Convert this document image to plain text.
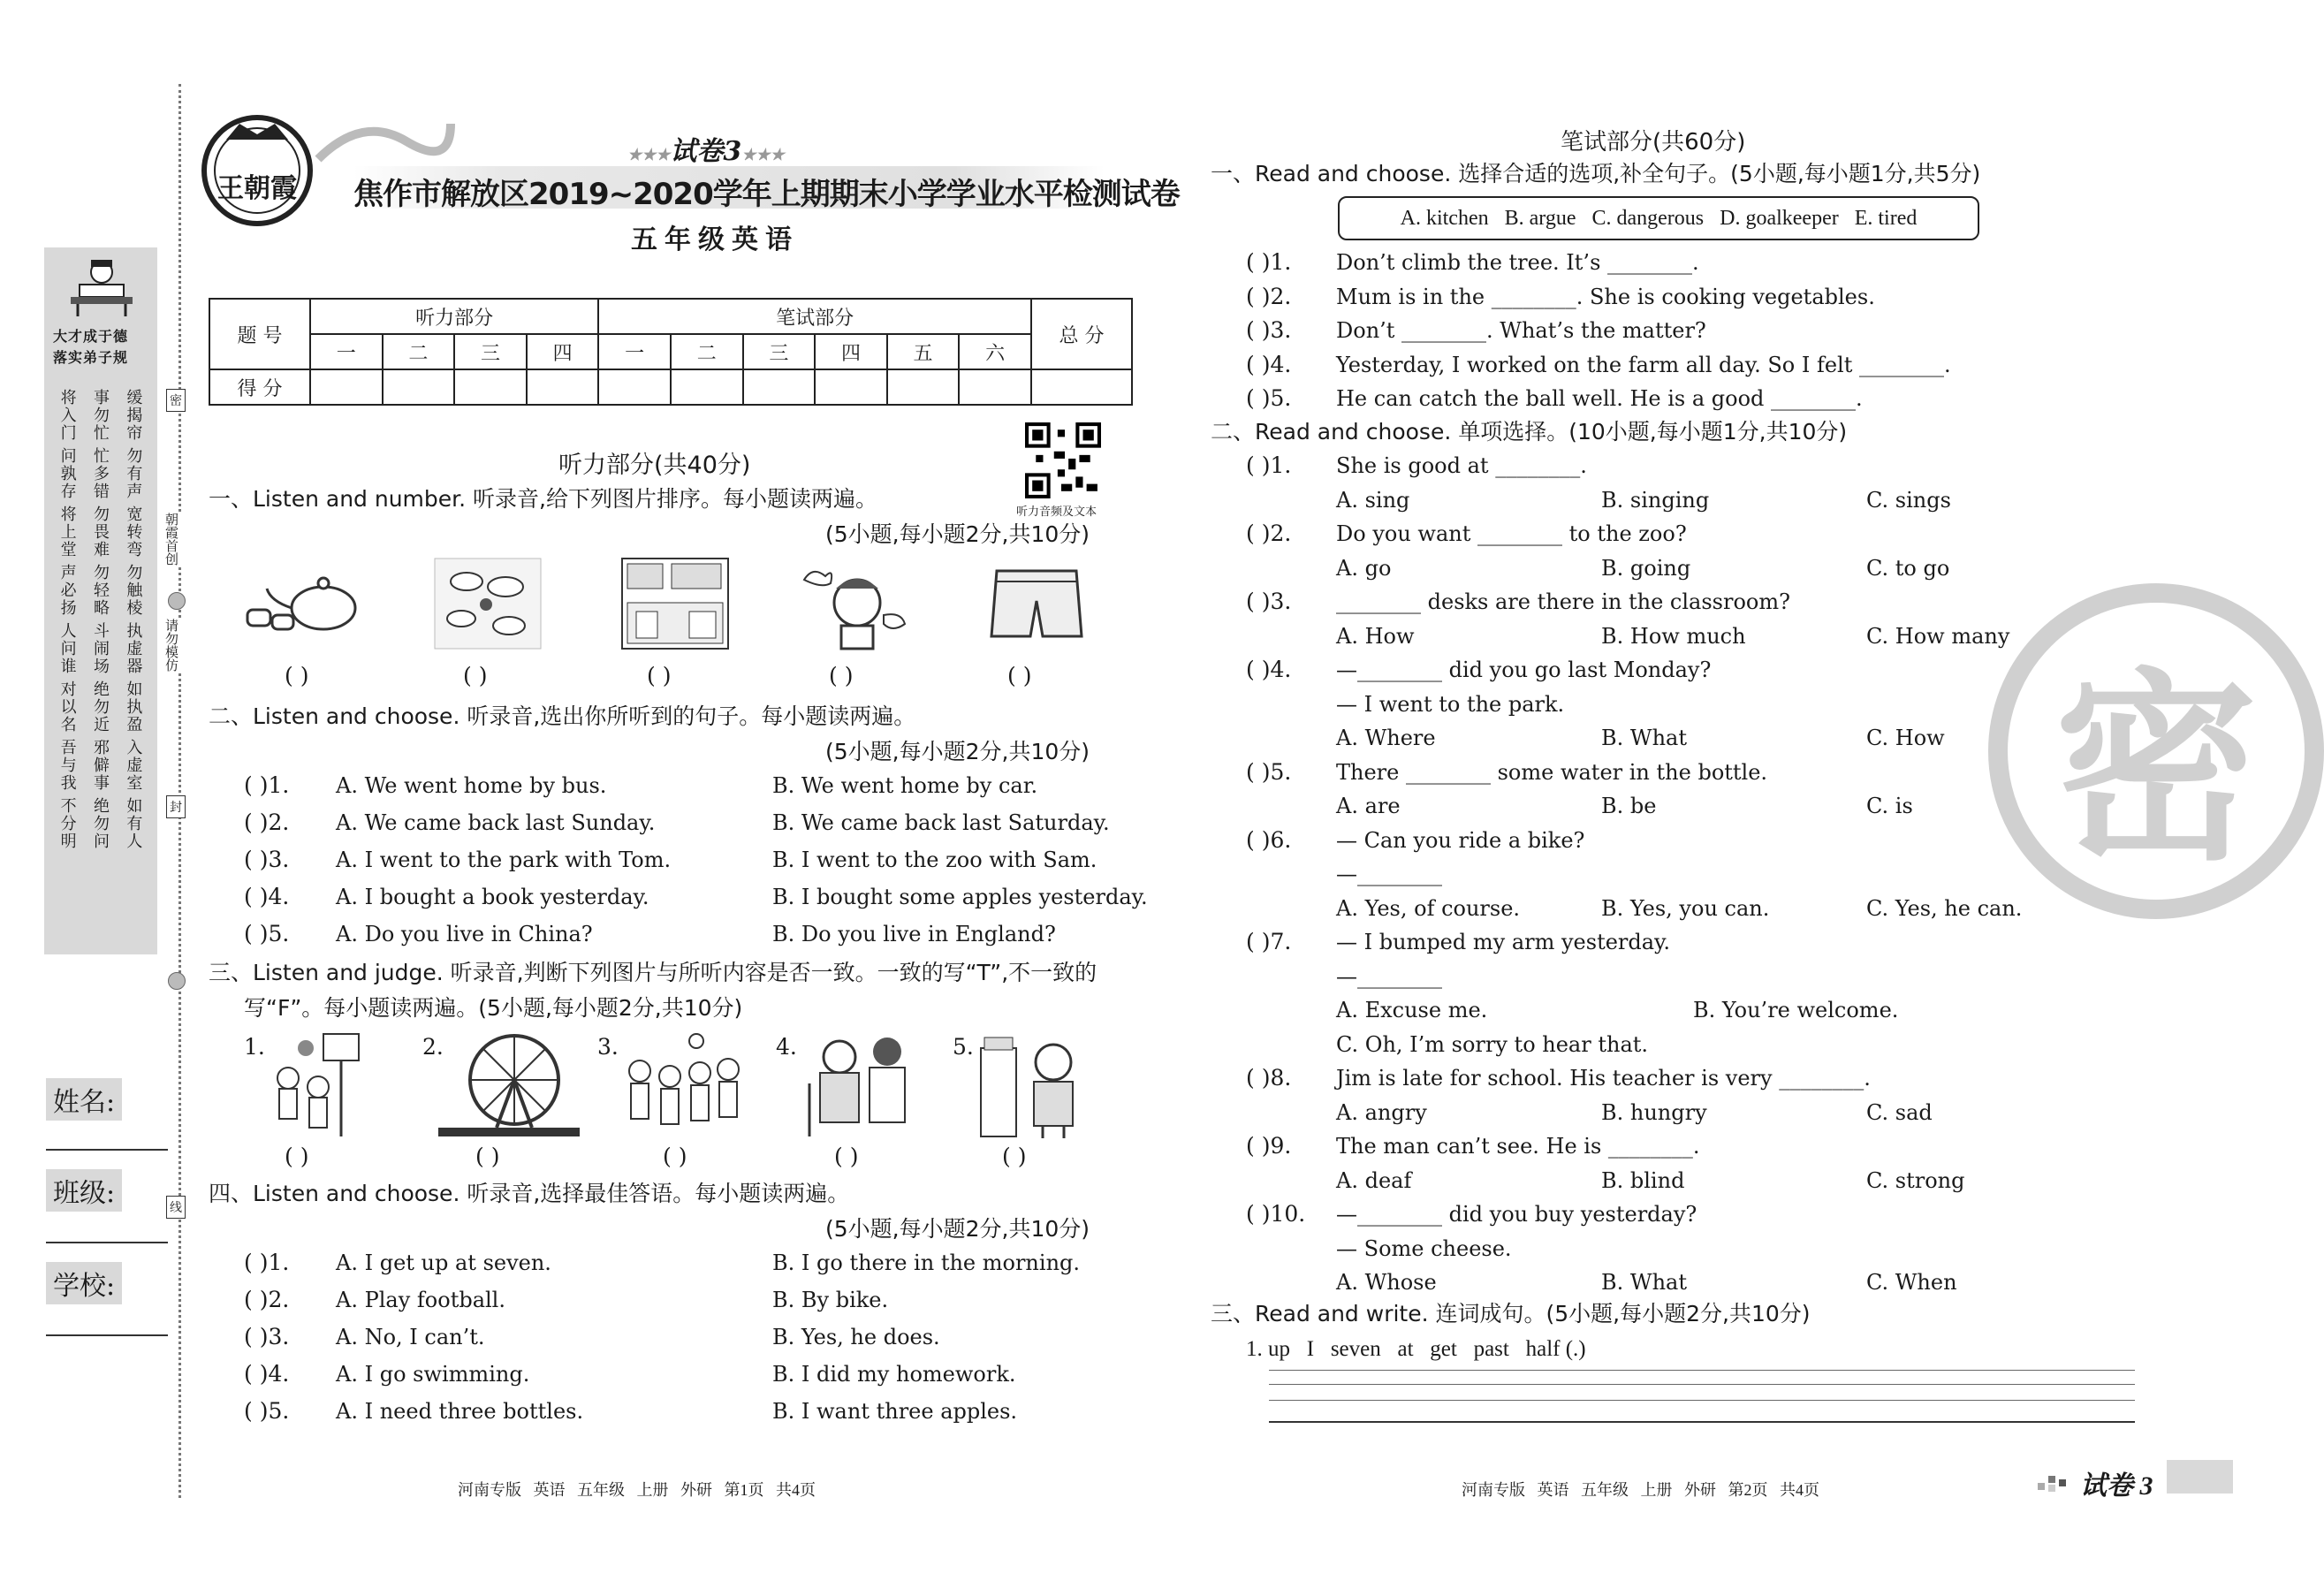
大才成于德
落实弟子规
将入门 事勿忙 缓揭帘
问孰存 忙多错 勿有声
将上堂 勿畏难 宽转弯
声必扬 勿轻略 勿触棱
人问谁 斗闹场 执虚器
对以名 绝勿近 如执盈
吾与我 邪僻事 入虚室
不分明 绝勿问 如有人
密
朝霞首创
请勿模仿
封
线
姓名:
班级:
学校:
王朝霞
★★★试卷3★★★
焦作市解放区2019~2020学年上期期末小学学业水平检测试卷
五年级英语
题 号	听力部分				笔试部分						总 分
	一	二	三	四	一	二	三	四	五	六	
得 分											
听力音频及文本
听力部分(共40分)
一、Listen and number. 听录音,给下列图片排序。每小题读两遍。
(5小题,每小题2分,共10分)
( )	( )	( )	( )	( )
二、Listen and choose. 听录音,选出你所听到的句子。每小题读两遍。
(5小题,每小题2分,共10分)
( )1. A. We went home by bus.	B. We went home by car.
( )2. A. We came back last Sunday.	B. We came back last Saturday.
( )3. A. I went to the park with Tom.	B. I went to the zoo with Sam.
( )4. A. I bought a book yesterday.	B. I bought some apples yesterday.
( )5. A. Do you live in China?	B. Do you live in England?
三、Listen and judge. 听录音,判断下列图片与所听内容是否一致。一致的写“T”,不一致的
写“F”。每小题读两遍。(5小题,每小题2分,共10分)
1.	2.	3.	4.	5.
( )	( )	( )	( )	( )
四、Listen and choose. 听录音,选择最佳答语。每小题读两遍。
(5小题,每小题2分,共10分)
( )1. A. I get up at seven.	B. I go there in the morning.
( )2. A. Play football.	B. By bike.
( )3. A. No, I can’t.	B. Yes, he does.
( )4. A. I go swimming.	B. I did my homework.
( )5. A. I need three bottles.	B. I want three apples.
河南专版   英语   五年级   上册   外研   第1页   共4页
笔试部分(共60分)
一、Read and choose. 选择合适的选项,补全句子。(5小题,每小题1分,共5分)
A. kitchen   B. argue   C. dangerous   D. goalkeeper   E. tired
( )1. Don’t climb the tree. It’s ________.
( )2. Mum is in the ________. She is cooking vegetables.
( )3. Don’t ________. What’s the matter?
( )4. Yesterday, I worked on the farm all day. So I felt ________.
( )5. He can catch the ball well. He is a good ________.
二、Read and choose. 单项选择。(10小题,每小题1分,共10分)
( )1. She is good at ________.
A. sing	B. singing	C. sings
( )2. Do you want ________ to the zoo?
A. go	B. going	C. to go
( )3. ________ desks are there in the classroom?
A. How	B. How much	C. How many
( )4. —________ did you go last Monday?
— I went to the park.
A. Where	B. What	C. How
( )5. There ________ some water in the bottle.
A. are	B. be	C. is
( )6. — Can you ride a bike?
—________
A. Yes, of course.	B. Yes, you can.	C. Yes, he can.
( )7. — I bumped my arm yesterday.
—________
A. Excuse me.	B. You’re welcome.
C. Oh, I’m sorry to hear that.
( )8. Jim is late for school. His teacher is very ________.
A. angry	B. hungry	C. sad
( )9. The man can’t see. He is ________.
A. deaf	B. blind	C. strong
( )10. —________ did you buy yesterday?
— Some cheese.
A. Whose	B. What	C. When
三、Read and write. 连词成句。(5小题,每小题2分,共10分)
1. up   I   seven   at   get   past   half (.)
河南专版   英语   五年级   上册   外研   第2页   共4页	试卷 3
密
